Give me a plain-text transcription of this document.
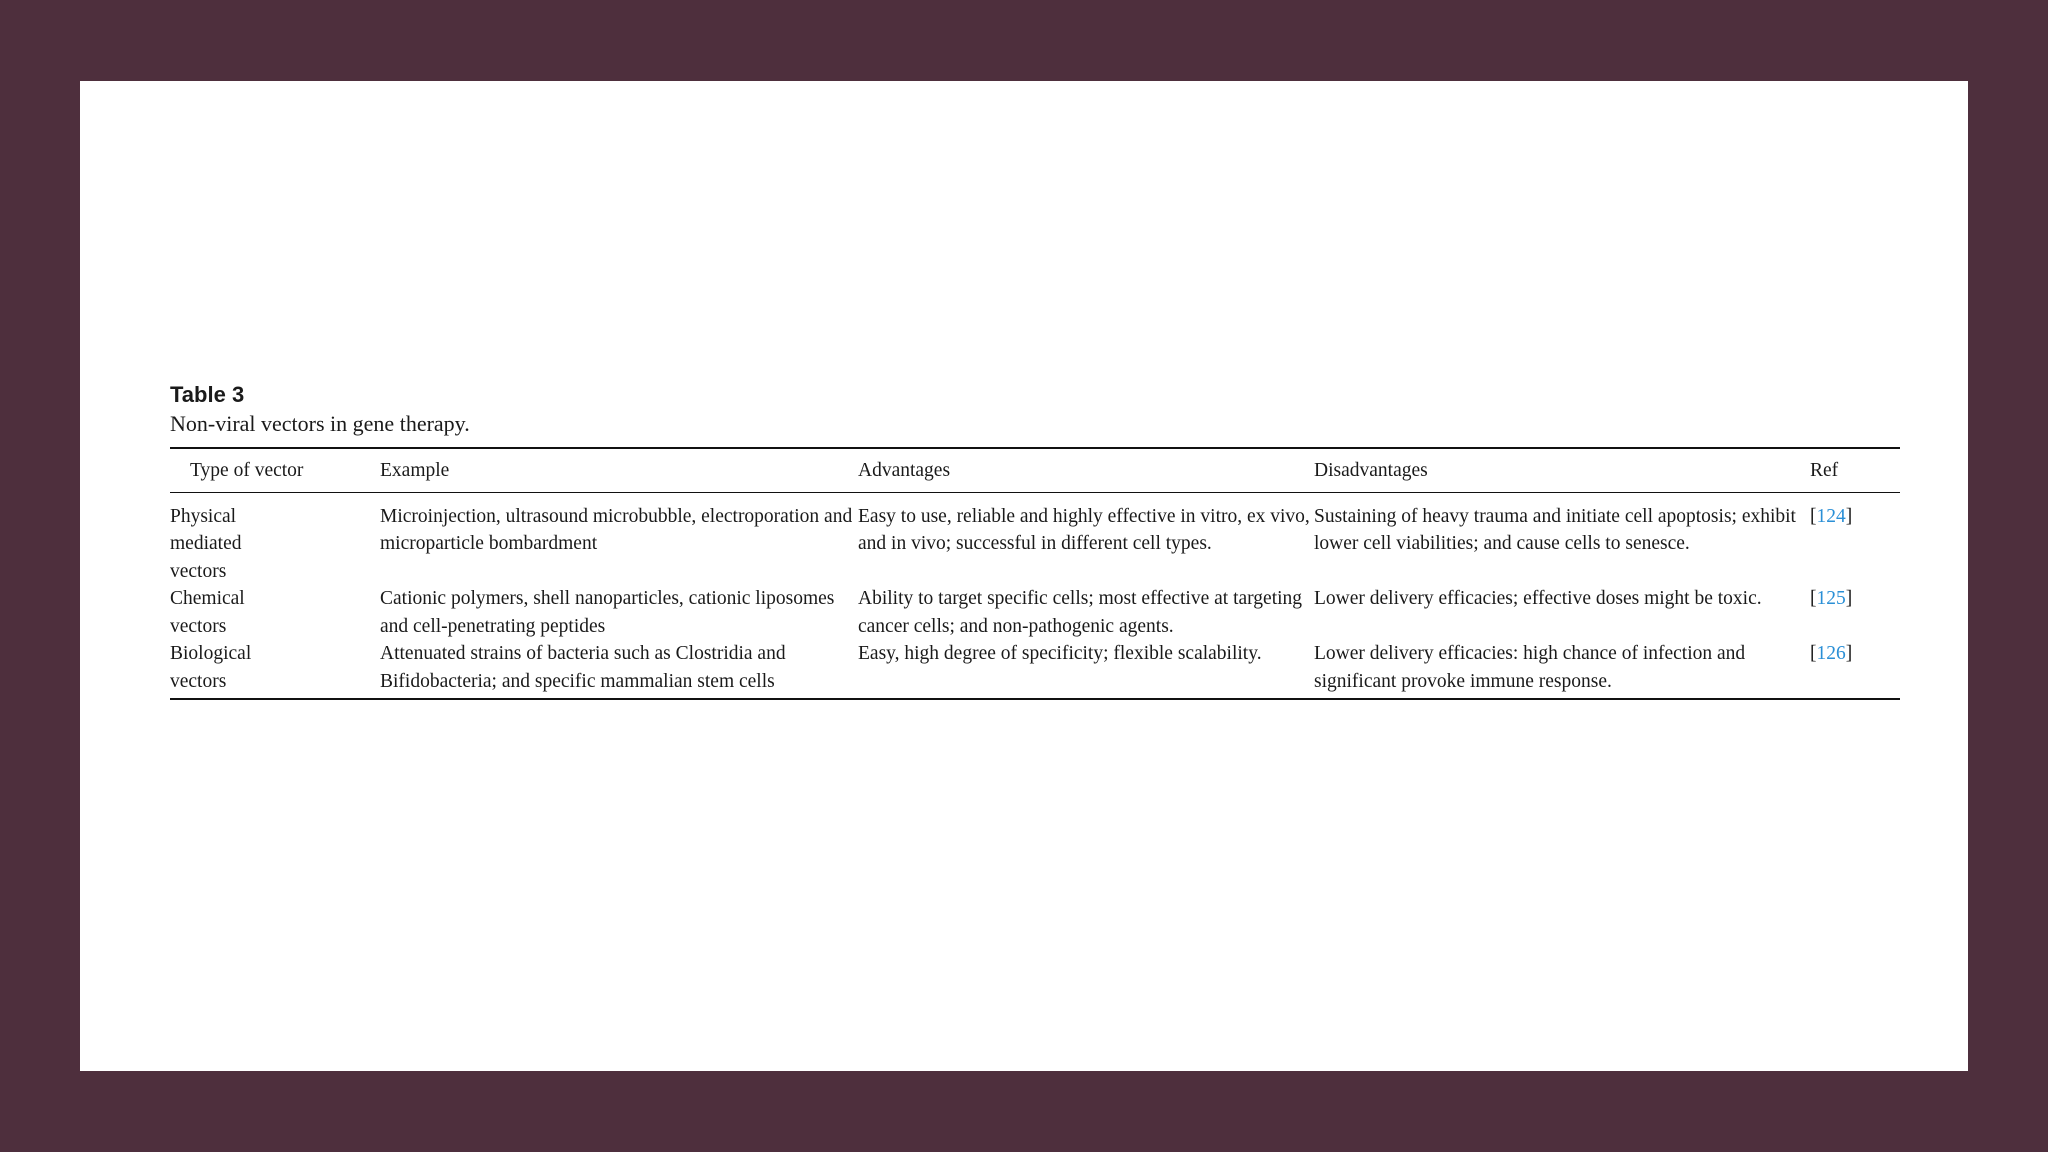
Table 3

Non-viral vectors in gene therapy.

Type of vector	Example	Advantages	Disadvantages	Ref

Physical
mediated
vectors	Microinjection, ultrasound microbubble, electroporation and microparticle bombardment	Easy to use, reliable and highly effective in vitro, ex vivo, and in vivo; successful in different cell types.	Sustaining of heavy trauma and initiate cell apoptosis; exhibit lower cell viabilities; and cause cells to senesce.	[124]

Chemical
vectors	Cationic polymers, shell nanoparticles, cationic liposomes and cell-penetrating peptides	Ability to target specific cells; most effective at targeting cancer cells; and non-pathogenic agents.	Lower delivery efficacies; effective doses might be toxic.	[125]

Biological
vectors	Attenuated strains of bacteria such as Clostridia and Bifidobacteria; and specific mammalian stem cells	Easy, high degree of specificity; flexible scalability.	Lower delivery efficacies: high chance of infection and significant provoke immune response.	[126]
